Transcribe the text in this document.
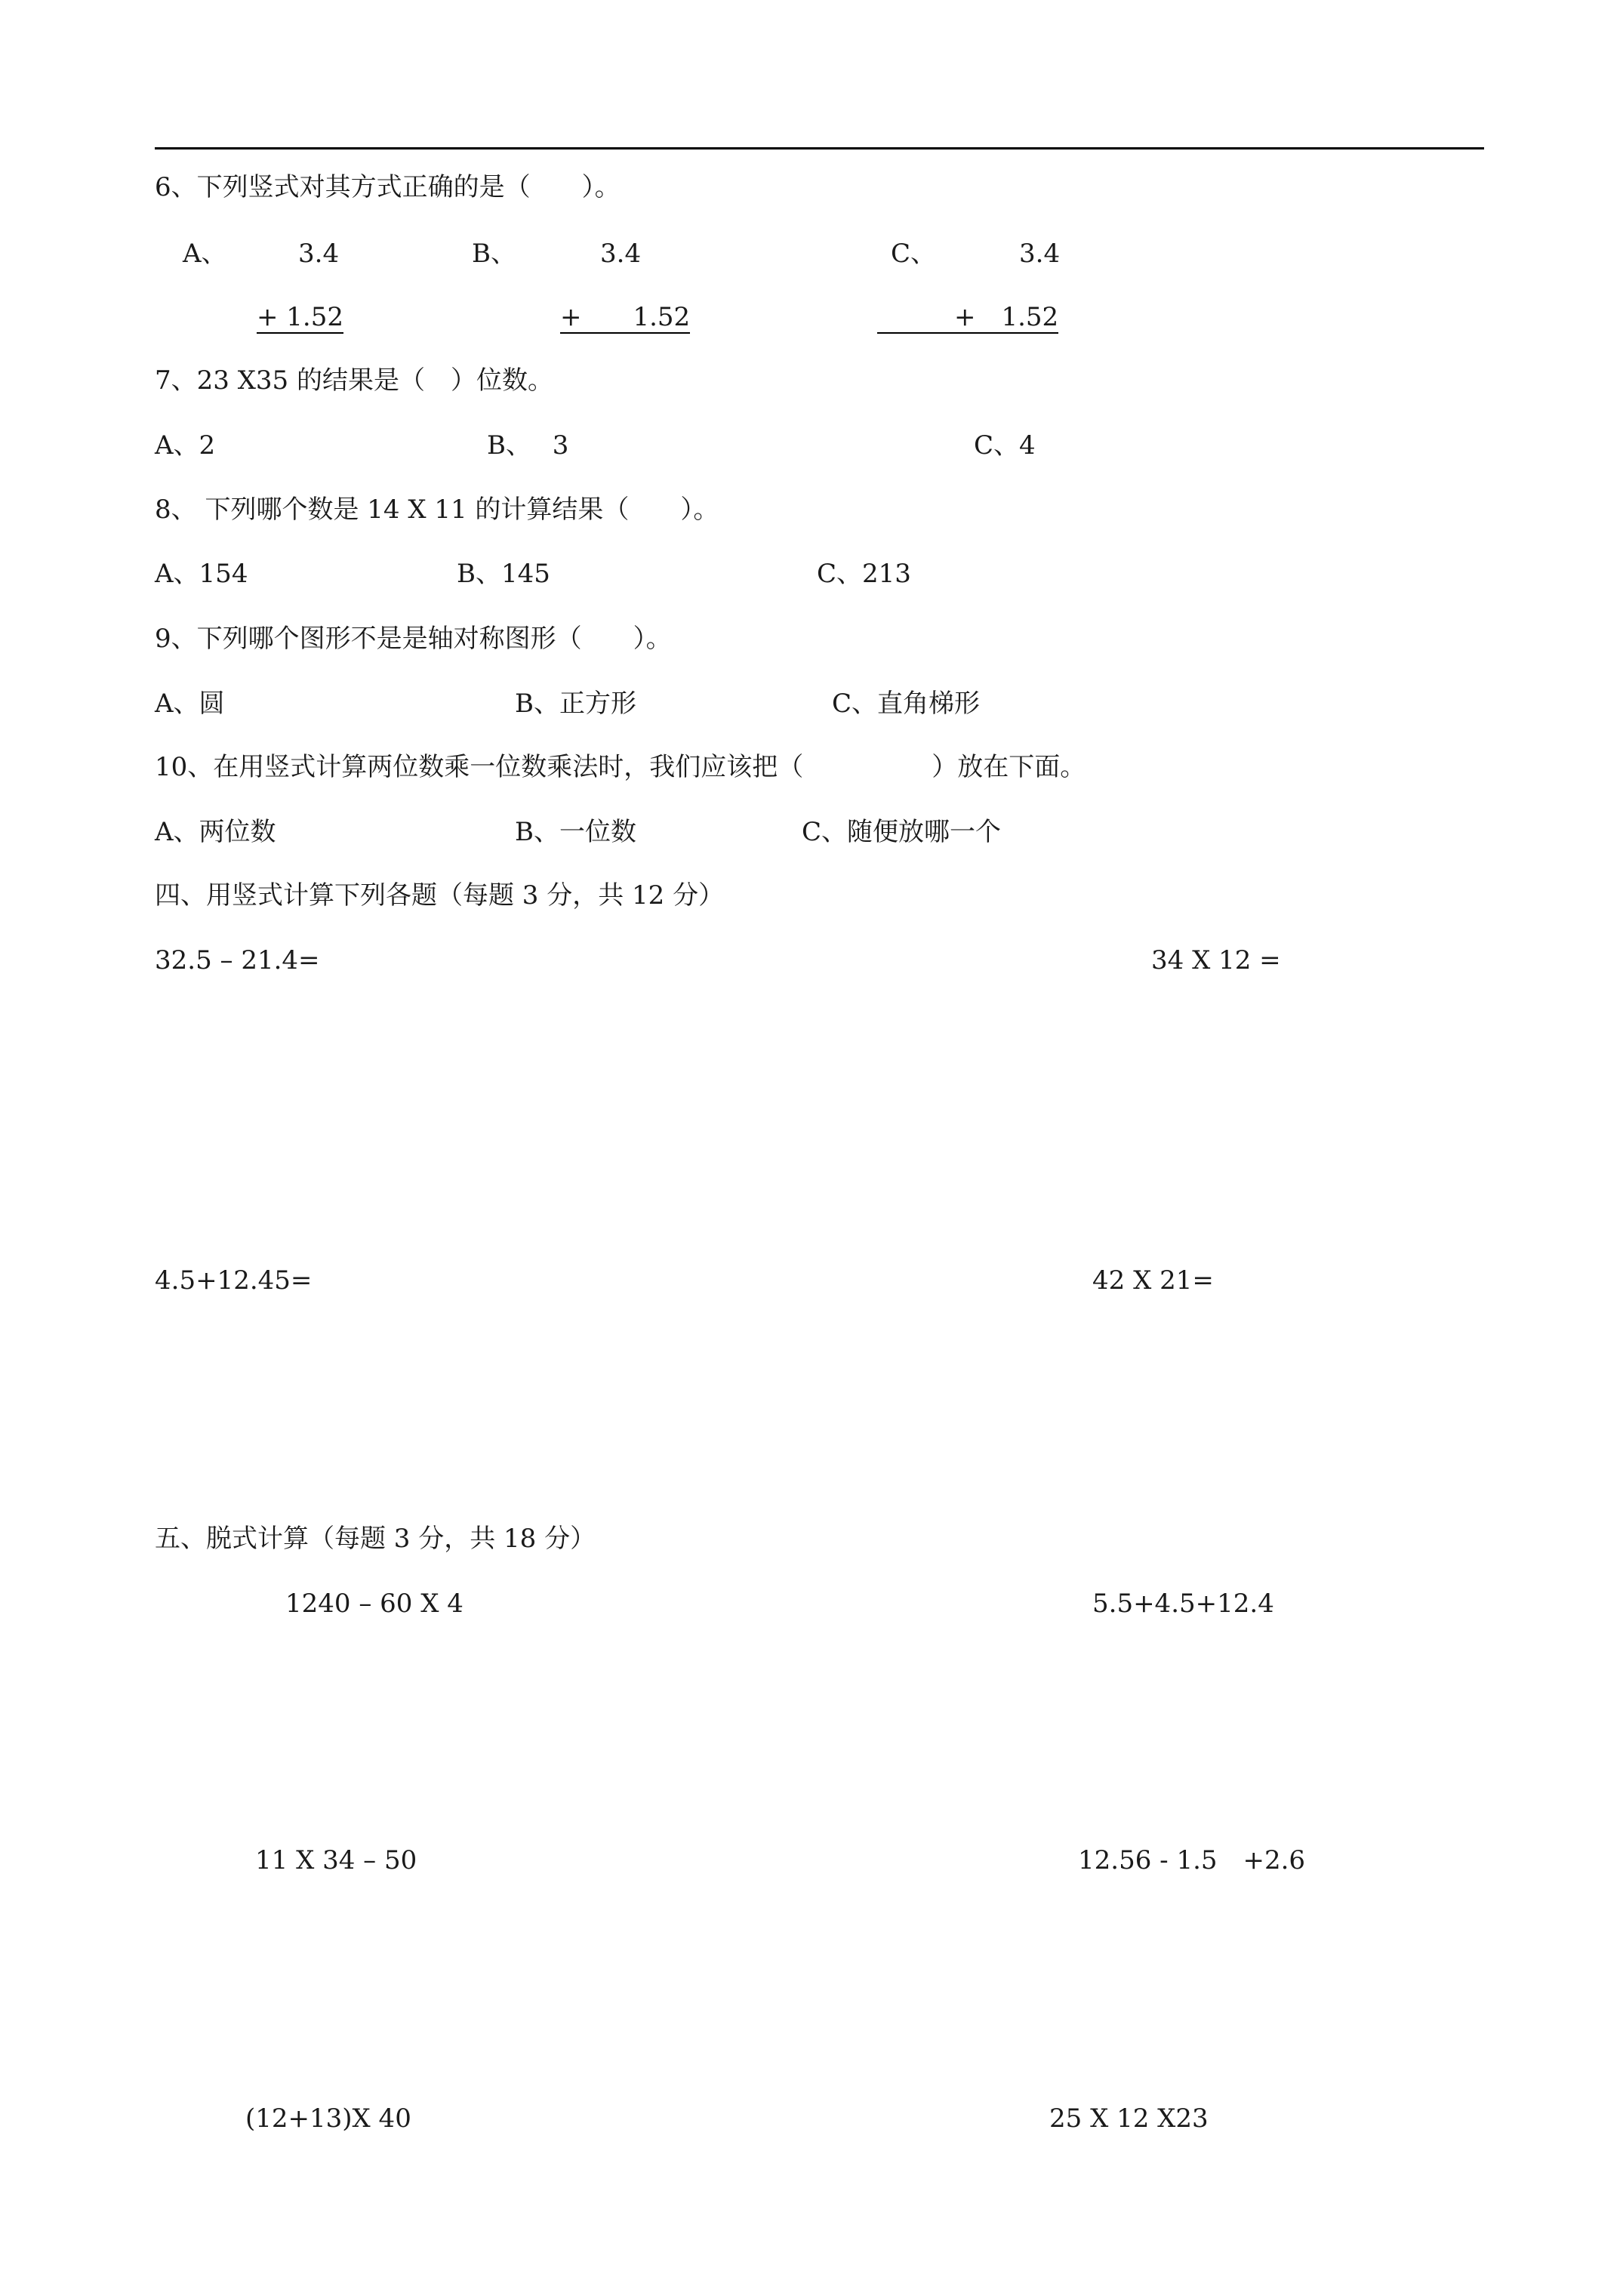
6、下列竖式对其方式正确的是（　　）。
A、	3.4
+ 1.52
B、	3.4
+　　1.52
C、	3.4
　　　+　1.52
7、23 X35 的结果是（　）位数。
A、2	B、　 3	C、4
8、 下列哪个数是 14 X 11 的计算结果（　　）。
A、154	B、145	C、213
9、下列哪个图形不是是轴对称图形（　　）。
A、圆	B、正方形	C、直角梯形
10、在用竖式计算两位数乘一位数乘法时，我们应该把（　　　　　）放在下面。
A、两位数	B、一位数	C、随便放哪一个
四、用竖式计算下列各题（每题 3 分，共 12 分）
32.5 – 21.4=	34 X 12 =
4.5+12.45=	42 X 21=
五、脱式计算（每题 3 分，共 18 分）
1240 – 60 X 4	5.5+4.5+12.4
11 X 34 – 50	12.56 - 1.5　+2.6
(12+13)X 40	25 X 12 X23
